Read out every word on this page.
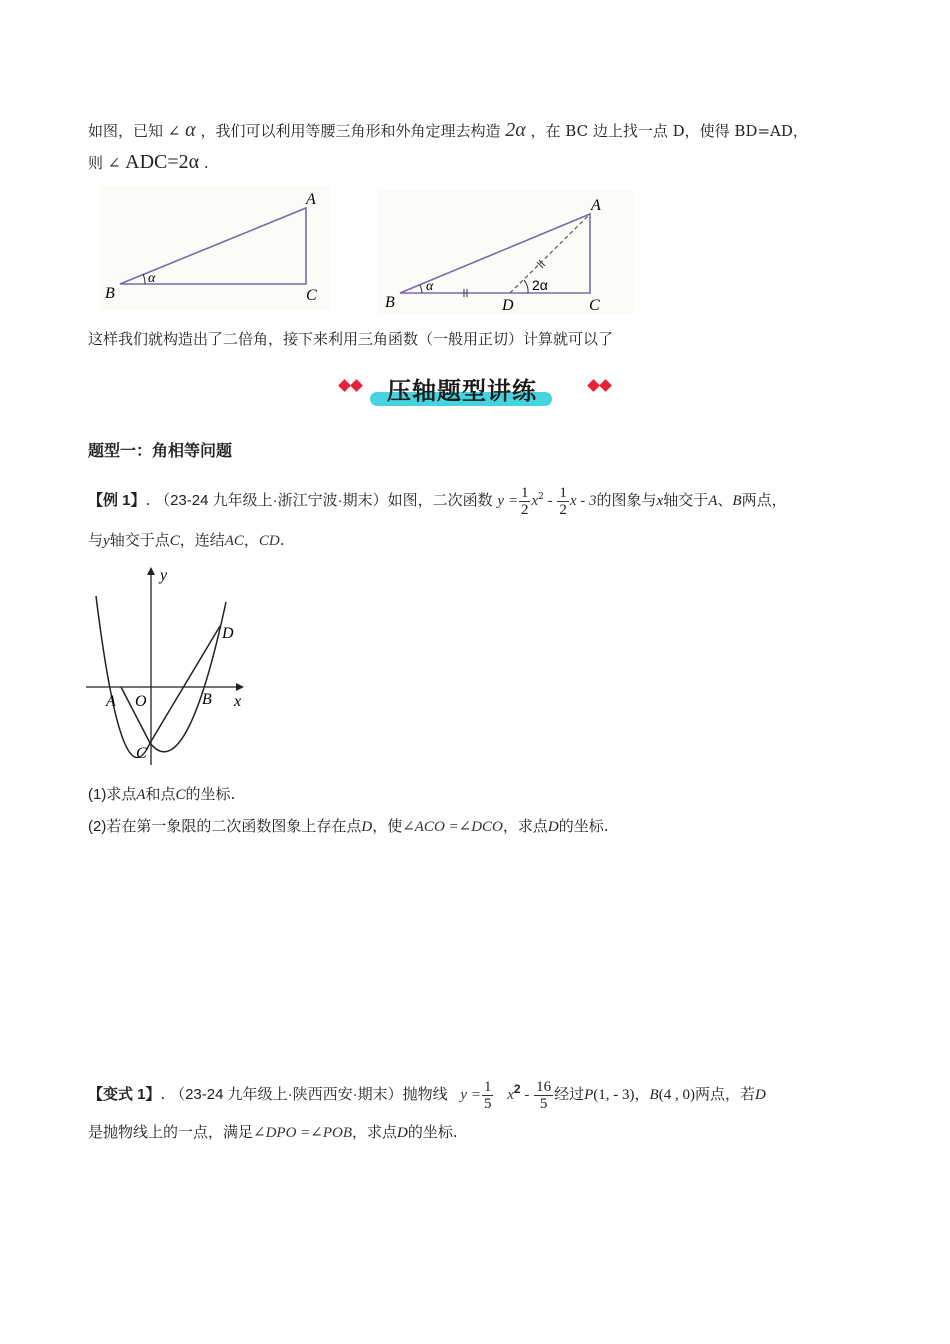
如图，已知 ∠ α ，我们可以利用等腰三角形和外角定理去构造 2α ，在 BC 边上找一点 D，使得 BD=AD，
则 ∠ ADC=2α .
α
B	C
A
α	2α
B	D	C
A
这样我们就构造出了二倍角，接下来利用三角函数（一般用正切）计算就可以了
压轴题型讲练
题型一：角相等问题
【例 1】. （23-24 九年级上·浙江宁波·期末）如图，二次函数 $y = \frac{1}{2} x^2 - \frac{1}{2}$ x - 3的图象与x轴交于A、B两点，
与y轴交于点C，连结AC，CD.
y
x
A O	B
C
D
(1)求点A和点C的坐标.
(2)若在第一象限的二次函数图象上存在点D，使∠ACO =∠DCO，求点D的坐标.
【变式 1】. （23-24 九年级上·陕西西安·期末）抛物线 $y = \frac{1}{5} x^2 - \frac{16}{5}$ 经过P(1, - 3)，B(4 , 0)两点，若D
是抛物线上的一点，满足∠DPO =∠POB，求点D的坐标.
